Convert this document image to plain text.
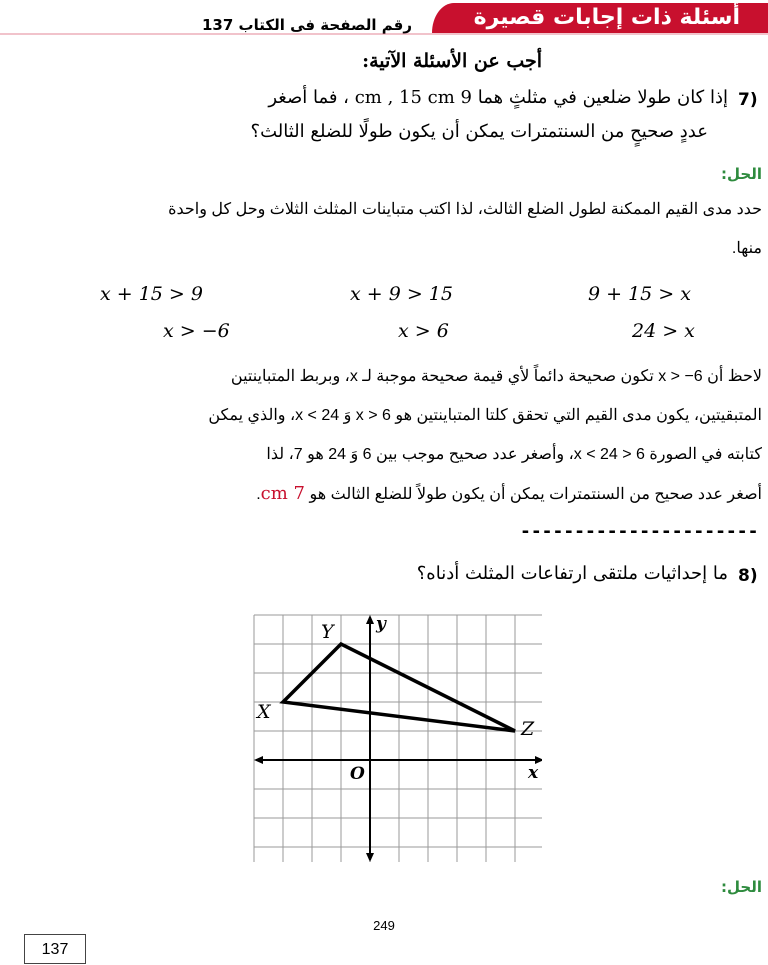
أسئلة ذات إجابات قصيرة
رقم الصفحة فى الكتاب 137
أجب عن الأسئلة الآتية:
7)
إذا كان طولا ضلعين في مثلثٍ هما 9 cm , 15 cm ، فما أصغر
عددٍ صحيحٍ من السنتمترات يمكن أن يكون طولًا للضلع الثالث؟
الحل:
حدد مدى القيم الممكنة لطول الضلع الثالث، لذا اكتب متباينات المثلث الثلاث وحل كل واحدة
منها.
9 + 15 > x
x + 9 > 15
x + 15 > 9
24 > x
x > 6
x > −6
لاحظ أن x > −6 تكون صحيحة دائماً لأي قيمة صحيحة موجبة لـ x، وبربط المتباينتين
المتبقيتين، يكون مدى القيم التي تحقق كلتا المتباينتين هو x > 6 وَ x < 24، والذي يمكن
كتابته في الصورة 6 < x < 24، وأصغر عدد صحيح موجب بين 6 وَ 24 هو 7، لذا
أصغر عدد صحيح من السنتمترات يمكن أن يكون طولاً للضلع الثالث هو 7 cm.
----------------------
8)
ما إحداثيات ملتقى ارتفاعات المثلث أدناه؟
y
x
O
X
Y
Z
الحل:
249
137
